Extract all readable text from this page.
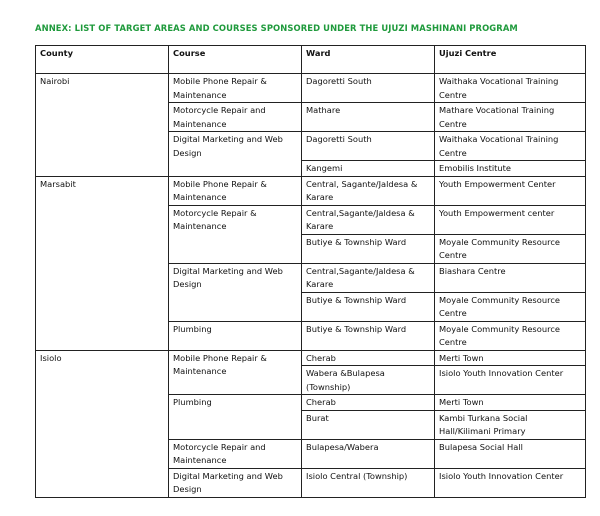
ANNEX: LIST OF TARGET AREAS AND COURSES SPONSORED UNDER THE UJUZI MASHINANI PROGRAM
County	Course	Ward	Ujuzi Centre
Nairobi	Mobile Phone Repair & Maintenance	Dagoretti South	Waithaka Vocational Training Centre
	Motorcycle Repair and Maintenance	Mathare	Mathare Vocational Training Centre
	Digital Marketing and Web Design	Dagoretti South	Waithaka Vocational Training Centre
		Kangemi	Emobilis Institute
Marsabit	Mobile Phone Repair & Maintenance	Central, Sagante/Jaldesa & Karare	Youth Empowerment Center
	Motorcycle Repair & Maintenance	Central,Sagante/Jaldesa & Karare	Youth Empowerment center
		Butiye & Township Ward	Moyale Community Resource Centre
	Digital Marketing and Web Design	Central,Sagante/Jaldesa & Karare	Biashara Centre
		Butiye & Township Ward	Moyale Community Resource Centre
	Plumbing	Butiye & Township Ward	Moyale Community Resource Centre
Isiolo	Mobile Phone Repair & Maintenance	Cherab	Merti Town
		Wabera &Bulapesa (Township)	Isiolo Youth Innovation Center
	Plumbing	Cherab	Merti Town
		Burat	Kambi Turkana Social Hall/Kilimani Primary
	Motorcycle Repair and Maintenance	Bulapesa/Wabera	Bulapesa Social Hall
	Digital Marketing and Web Design	Isiolo Central (Township)	Isiolo Youth Innovation Center
